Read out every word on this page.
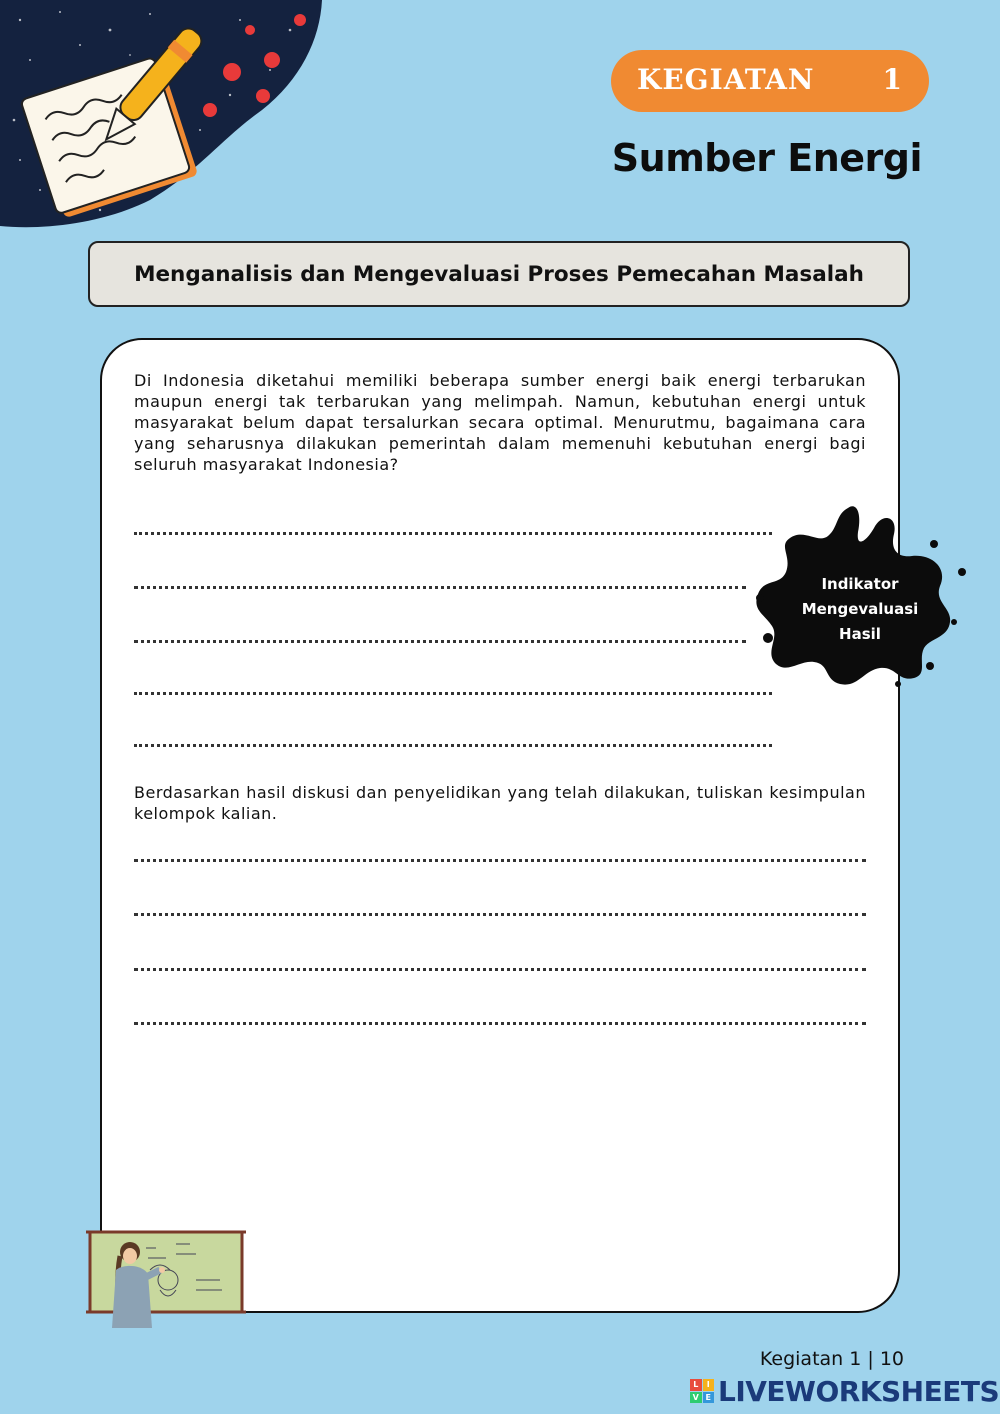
KEGIATAN 1
Sumber Energi
Menganalisis dan Mengevaluasi Proses Pemecahan Masalah

Di Indonesia diketahui memiliki beberapa sumber energi baik energi terbarukan maupun energi tak terbarukan yang melimpah. Namun, kebutuhan energi untuk masyarakat belum dapat tersalurkan secara optimal. Menurutmu, bagaimana cara yang seharusnya dilakukan pemerintah dalam memenuhi kebutuhan energi bagi seluruh masyarakat Indonesia?

Indikator
Mengevaluasi
Hasil

Berdasarkan hasil diskusi dan penyelidikan yang telah dilakukan, tuliskan kesimpulan kelompok kalian.

Kegiatan 1 | 10
L	I
V E LIVEWORKSHEETS
